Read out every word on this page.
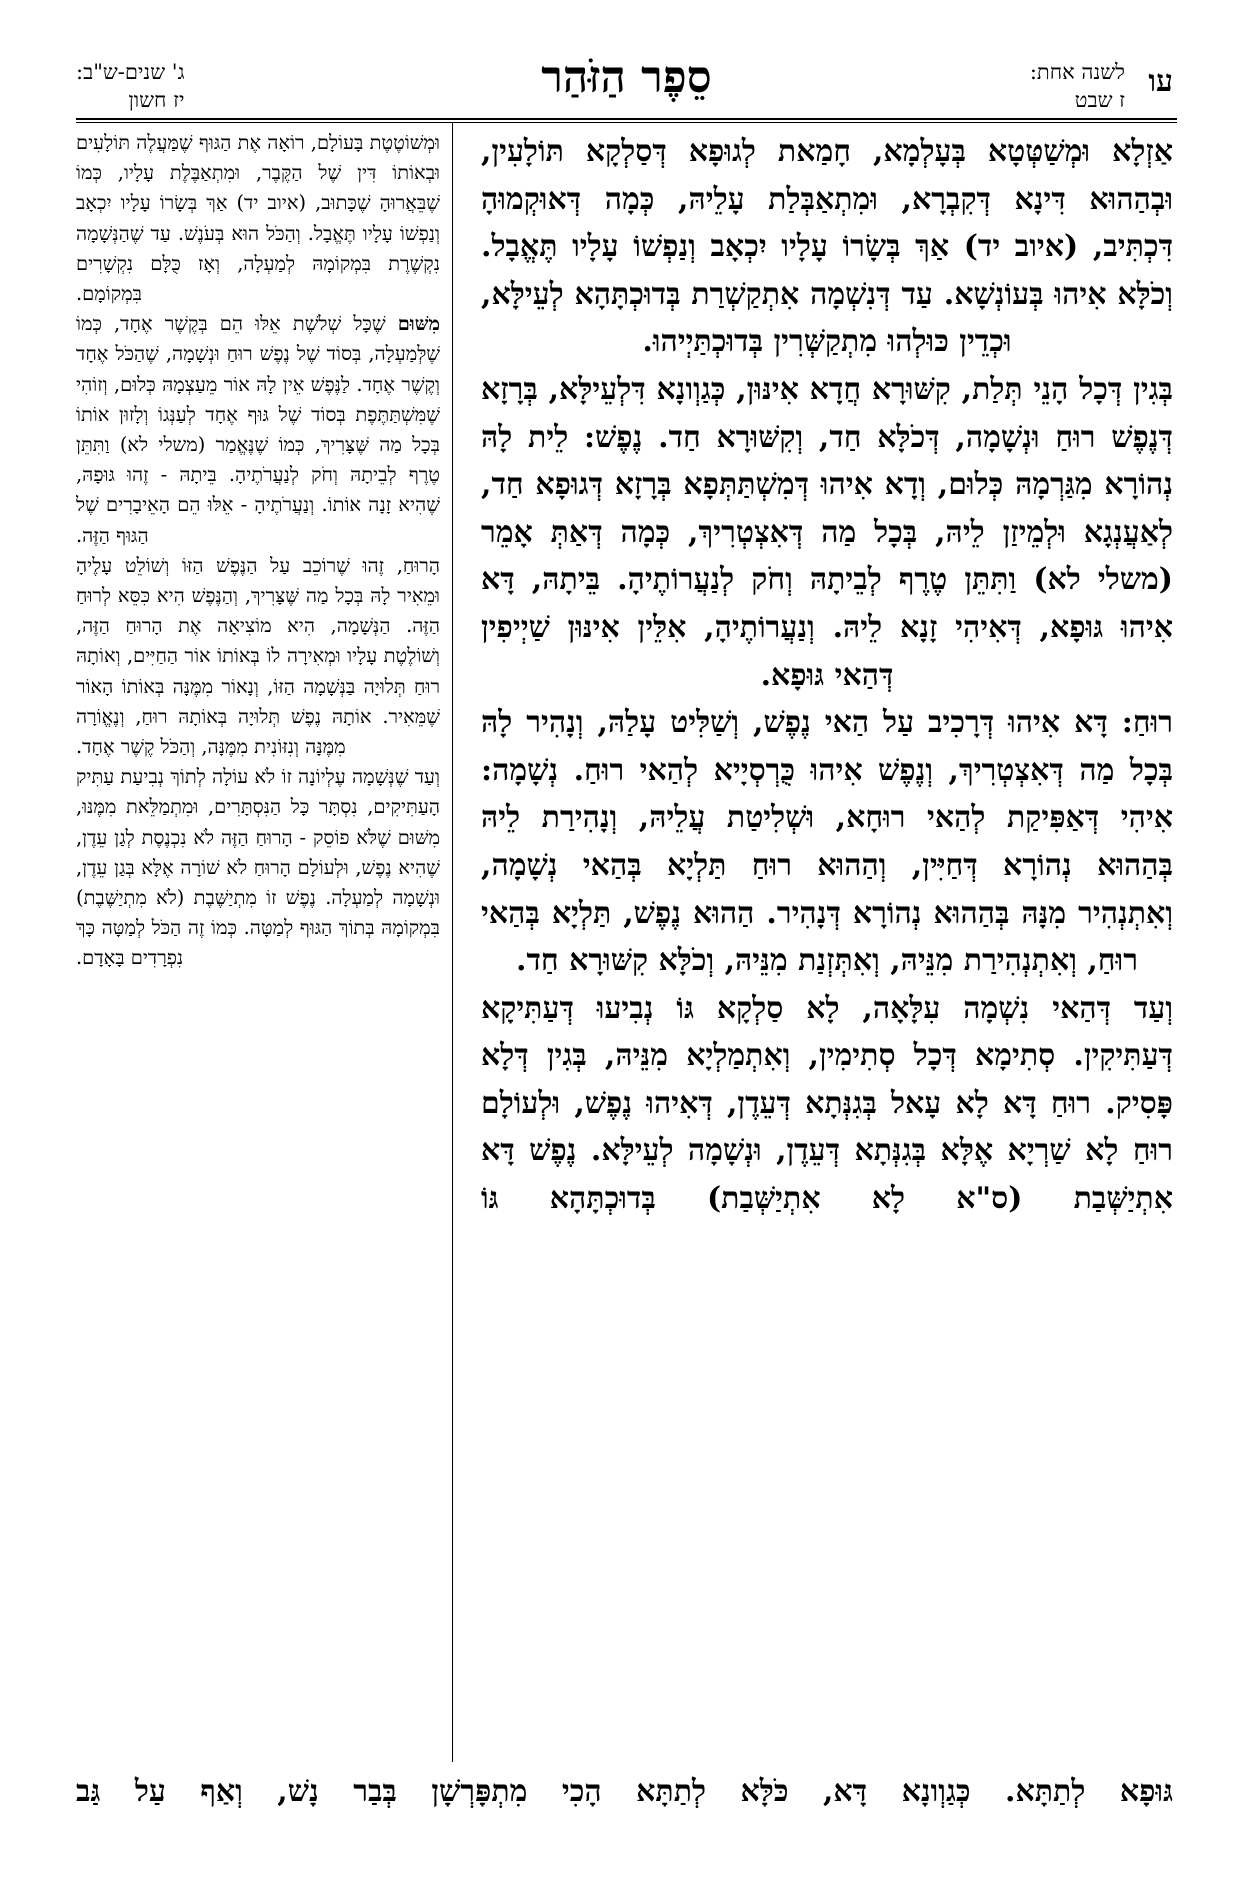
עו
לשנה אחת:
ז שבט
סֵפֶר הַזֹּהַר
ג' שנים-ש"ב:
יז חשון

אַזְלָא וּמְשַׁטְּטָא בְּעָלְמָא, חָמַאת לְגוּפָא דְּסַלְקָא תּוֹלָעִין, וּבְהַהוּא דִּינָא דְּקִבְרָא, וּמִתְאַבְּלַת עָלֵיהּ, כְּמָה דְּאוּקְמוּהָ דִּכְתִּיב, (איוב יד) אַךְ בְּשָׂרוֹ עָלָיו יִכְאָב וְנַפְשׁוֹ עָלָיו תֶּאֱבָל. וְכֹלָּא אִיהוּ בְּעוֹנְשָׁא. עַד דְּנִשְׁמָה אִתְקַשְׁרַת בְּדוּכְתָּהָא לְעֵילָּא, וּכְדֵין כּוּלְהוּ מִתְקַשְּׁרִין בְּדוּכְתַּיְיהוּ.

בְּגִין דְּכָל הָנֵי תְּלַת, קִשּׁוּרָא חֲדָא אִינּוּן, כְּגַוְונָא דִּלְעֵילָּא, בְּרָזָא דְּנֶפֶשׁ רוּחַ וּנְשָׁמָה, דְּכֹלָּא חַד, וְקִשּׁוּרָא חַד. נֶפֶשׁ: לֵית לָהּ נְהוֹרָא מִגַּרְמָהּ כְּלוּם, וְדָא אִיהוּ דְּמִשְׁתַּתְּפָא בְּרָזָא דְּגוּפָא חַד, לְאַעֲנְגָא וּלְמֵיזַן לֵיהּ, בְּכָל מַה דְּאִצְטְרִיךְ, כְּמָה דְּאַתְּ אָמֵר (משלי לא) וַתִּתֵּן טֶרֶף לְבֵיתָהּ וְחֹק לְנַעֲרוֹתֶיהָ. בֵּיתָהּ, דָּא אִיהוּ גּוּפָא, דְּאִיהִי זָנָא לֵיהּ. וְנַעֲרוֹתֶיהָ, אִלֵּין אִינּוּן שַׁיְיפִין דְּהַאי גּוּפָא.

רוּחַ: דָּא אִיהוּ דְּרָכִיב עַל הַאי נֶפֶשׁ, וְשַׁלִּיט עָלַהּ, וְנָהִיר לָהּ בְּכָל מַה דְּאִצְטְרִיךְ, וְנֶפֶשׁ אִיהוּ כֻּרְסְיָיא לְהַאי רוּחַ. נְשָׁמָה: אִיהִי דְּאַפִּיקַת לְהַאי רוּחָא, וּשְׁלִיטַת עֲלֵיהּ, וְנָהִירַת לֵיהּ בְּהַהוּא נְהוֹרָא דְּחַיִּין, וְהַהוּא רוּחַ תַּלְיָא בְּהַאי נְשָׁמָה, וְאִתְנְהִיר מִנָּהּ בְּהַהוּא נְהוֹרָא דְּנָהִיר. הַהוּא נֶפֶשׁ, תַּלְיָא בְּהַאי רוּחַ, וְאִתְנְהִירַת מִנֵּיהּ, וְאִתְּזְנַת מִנֵּיהּ, וְכֹלָּא קִשּׁוּרָא חַד.

וְעַד דְּהַאי נִשְׁמָה עִלָּאָה, לָא סַלְקָא גּוֹ נְבִיעוּ דְּעַתִּיקָא דְּעַתִּיקִין. סְתִימָא דְּכָל סְתִימִין, וְאִתְמַלְיָא מִנֵּיהּ, בְּגִין דְּלָא פָּסִיק. רוּחַ דָּא לָא עָאל בְּגִנְּתָא דְּעֵדֶן, דְּאִיהוּ נֶפֶשׁ, וּלְעוֹלָם רוּחַ לָא שַׁרְיָא אֶלָּא בְּגִנְּתָא דְּעֵדֶן, וּנְשָׁמָה לְעֵילָּא. נֶפֶשׁ דָּא אִתְיַשְּׁבַת (ס"א לָא אִתְיַשְּׁבַת) בְּדוּכְתָּהָא גּוֹ

וּמְשׁוֹטֶטֶת בָּעוֹלָם, רוֹאָה אֶת הַגּוּף שֶׁמַּעֲלֶה תּוֹלָעִים וּבְאוֹתוֹ דִּין שֶׁל הַקֶּבֶר, וּמִתְאַבֶּלֶת עָלָיו, כְּמוֹ שֶׁבֵּאֲרוּהָ שֶׁכָּתוּב, (איוב יד) אַךְ בְּשָׂרוֹ עָלָיו יִכְאָב וְנַפְשׁוֹ עָלָיו תֶּאֱבָל. וְהַכֹּל הוּא בְּעֹנֶשׁ. עַד שֶׁהַנְּשָׁמָה נִקְשֶׁרֶת בִּמְקוֹמָהּ לְמַעְלָה, וְאָז כֻּלָּם נִקְשָׁרִים בִּמְקוֹמָם.

מִשּׁוּם שֶׁכָּל שְׁלֹשֶׁת אֵלּוּ הֵם בְּקֶשֶׁר אֶחָד, כְּמוֹ שֶׁלְּמַעְלָה, בְּסוֹד שֶׁל נֶפֶשׁ רוּחַ וּנְשָׁמָה, שֶׁהַכֹּל אֶחָד וְקֶשֶׁר אֶחָד. לַנֶּפֶשׁ אֵין לָהּ אוֹר מֵעַצְמָהּ כְּלוּם, וְזוֹהִי שֶׁמִּשְׁתַּתֶּפֶת בְּסוֹד שֶׁל גּוּף אֶחָד לְעַנְּגוֹ וְלָזוּן אוֹתוֹ בְּכָל מַה שֶּׁצָּרִיךְ, כְּמוֹ שֶׁנֶּאֱמַר (משלי לא) וַתִּתֵּן טֶרֶף לְבֵיתָהּ וְחֹק לְנַעֲרֹתֶיהָ. בֵּיתָהּ - זֶהוּ גּוּפָהּ, שֶׁהִיא זָנָה אוֹתוֹ. וְנַעֲרֹתֶיהָ - אֵלּוּ הֵם הָאֵיבָרִים שֶׁל הַגּוּף הַזֶּה.

הָרוּחַ, זֶהוּ שֶׁרוֹכֵב עַל הַנֶּפֶשׁ הַזּוֹ וְשׁוֹלֵט עָלֶיהָ וּמֵאִיר לָהּ בְּכָל מַה שֶּׁצָּרִיךְ, וְהַנֶּפֶשׁ הִיא כִּסֵּא לְרוּחַ הַזֶּה. הַנְּשָׁמָה, הִיא מוֹצִיאָה אֶת הָרוּחַ הַזֶּה, וְשׁוֹלֶטֶת עָלָיו וּמְאִירָה לוֹ בְּאוֹתוֹ אוֹר הַחַיִּים, וְאוֹתָהּ רוּחַ תְּלוּיָה בַּנְּשָׁמָה הַזּוֹ, וְנָאוֹר מִמֶּנָּה בְּאוֹתוֹ הָאוֹר שֶׁמֵּאִיר. אוֹתָהּ נֶפֶשׁ תְּלוּיָה בְּאוֹתָהּ רוּחַ, וְנֶאֱוֹרָה מִמֶּנָּה וְנִזּוֹנִית מִמֶּנָּה, וְהַכֹּל קֶשֶׁר אֶחָד.

וְעַד שֶׁנְּשָׁמָה עֶלְיוֹנָה זוֹ לֹא עוֹלָה לְתוֹךְ נְבִיעַת עַתִּיק הָעַתִּיקִים, נִסְתָּר כָּל הַנִּסְתָּרִים, וּמִתְמַלֵּאת מִמֶּנּוּ, מִשּׁוּם שֶׁלֹּא פוֹסֵק - הָרוּחַ הַזֶּה לֹא נִכְנֶסֶת לְגַן עֵדֶן, שֶׁהִיא נֶפֶשׁ, וּלְעוֹלָם הָרוּחַ לֹא שׁוֹרָה אֶלָּא בְּגַן עֵדֶן, וּנְשָׁמָה לְמַעְלָה. נֶפֶשׁ זוֹ מִתְיַשֶּׁבֶת (לֹא מִתְיַשֶּׁבֶת) בִּמְקוֹמָהּ בְּתוֹךְ הַגּוּף לְמַטָּה. כְּמוֹ זֶה הַכֹּל לְמַטָּה כָּךְ נִפְרָדִים בָּאָדָם.

גּוּפָא לְתַתָּא. כְּגַוְונָא דָּא, כֹּלָּא לְתַתָּא הָכִי מִתְפָּרְשָׁן בְּבַר נָשׁ, וְאַף עַל גַּב
